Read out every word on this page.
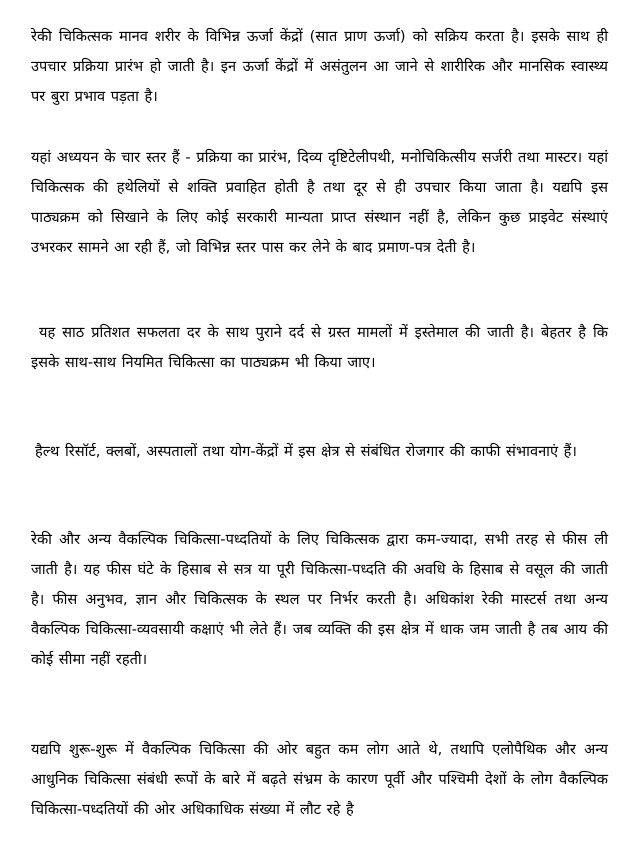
रेकी चिकित्सक मानव शरीर के विभिन्न ऊर्जा केंद्रों (सात प्राण ऊर्जा) को सक्रिय करता है। इसके साथ ही उपचार प्रक्रिया प्रारंभ हो जाती है। इन ऊर्जा केंद्रों में असंतुलन आ जाने से शारीरिक और मानसिक स्वास्थ्य पर बुरा प्रभाव पड़ता है।

यहां अध्ययन के चार स्तर हैं - प्रक्रिया का प्रारंभ, दिव्य दृष्टिटेलीपथी, मनोचिकित्सीय सर्जरी तथा मास्टर। यहां चिकित्सक की हथेलियों से शक्ति प्रवाहित होती है तथा दूर से ही उपचार किया जाता है। यद्यपि इस पाठ्यक्रम को सिखाने के लिए कोई सरकारी मान्यता प्राप्त संस्थान नहीं है, लेकिन कुछ प्राइवेट संस्थाएं उभरकर सामने आ रही हैं, जो विभिन्न स्तर पास कर लेने के बाद प्रमाण-पत्र देती है।

यह साठ प्रतिशत सफलता दर के साथ पुराने दर्द से ग्रस्त मामलों में इस्तेमाल की जाती है। बेहतर है कि इसके साथ-साथ नियमित चिकित्सा का पाठ्यक्रम भी किया जाए।

हैल्थ रिसॉर्ट, क्लबों, अस्पतालों तथा योग-केंद्रों में इस क्षेत्र से संबंधित रोजगार की काफी संभावनाएं हैं।

रेकी और अन्य वैकल्पिक चिकित्सा-पध्दतियों के लिए चिकित्सक द्वारा कम-ज्यादा, सभी तरह से फीस ली जाती है। यह फीस घंटे के हिसाब से सत्र या पूरी चिकित्सा-पध्दति की अवधि के हिसाब से वसूल की जाती है। फीस अनुभव, ज्ञान और चिकित्सक के स्थल पर निर्भर करती है। अधिकांश रेकी मास्टर्स तथा अन्य वैकल्पिक चिकित्सा-व्यवसायी कक्षाएं भी लेते हैं। जब व्यक्ति की इस क्षेत्र में धाक जम जाती है तब आय की कोई सीमा नहीं रहती।

यद्यपि शुरू-शुरू में वैकल्पिक चिकित्सा की ओर बहुत कम लोग आते थे, तथापि एलोपैथिक और अन्य आधुनिक चिकित्सा संबंधी रूपों के बारे में बढ़ते संभ्रम के कारण पूर्वी और पश्चिमी देशों के लोग वैकल्पिक चिकित्सा-पध्दतियों की ओर अधिकाधिक संख्या में लौट रहे है
